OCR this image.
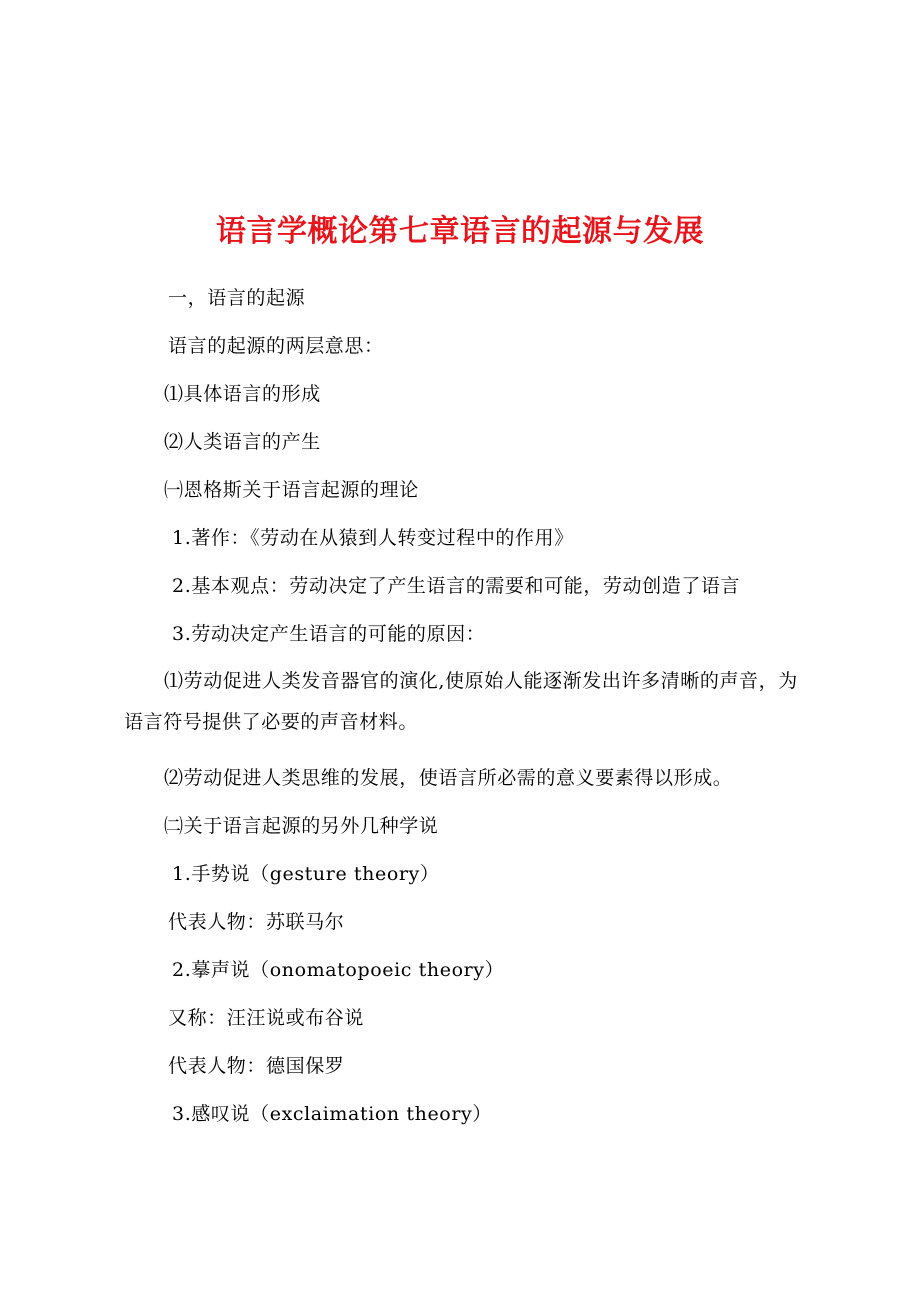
语言学概论第七章语言的起源与发展
一，语言的起源
语言的起源的两层意思：
⑴具体语言的形成
⑵人类语言的产生
㈠恩格斯关于语言起源的理论
1.著作：《劳动在从猿到人转变过程中的作用》
2.基本观点：劳动决定了产生语言的需要和可能，劳动创造了语言
3.劳动决定产生语言的可能的原因：
⑴劳动促进人类发音器官的演化,使原始人能逐渐发出许多清晰的声音，为语言符号提供了必要的声音材料。
⑵劳动促进人类思维的发展，使语言所必需的意义要素得以形成。
㈡关于语言起源的另外几种学说
1.手势说（gesture theory）
代表人物：苏联马尔
2.摹声说（onomatopoeic theory）
又称：汪汪说或布谷说
代表人物：德国保罗
3.感叹说（exclaimation theory）
